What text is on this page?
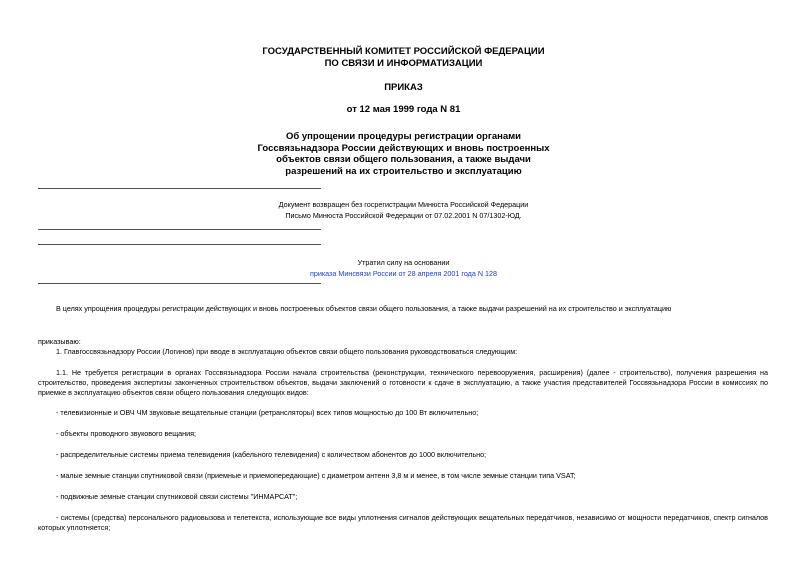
ГОСУДАРСТВЕННЫЙ КОМИТЕТ РОССИЙСКОЙ ФЕДЕРАЦИИ
ПО СВЯЗИ И ИНФОРМАТИЗАЦИИ
ПРИКАЗ
от 12 мая 1999 года N 81
Об упрощении процедуры регистрации органами
Госсвязьнадзора России действующих и вновь построенных
объектов связи общего пользования, а также выдачи
разрешений на их строительство и эксплуатацию
Документ возвращен без госрегистрации Минюста Российской Федерации
Письмо Минюста Российской Федерации от 07.02.2001 N 07/1302-ЮД.
Утратил силу на основании
приказа Минсвязи России от 28 апреля 2001 года N 128
В целях упрощения процедуры регистрации действующих и вновь построенных объектов связи общего пользования, а также выдачи разрешений на их строительство и эксплуатацию
приказываю:
1. Главгоссвязьнадзору России (Логинов) при вводе в эксплуатацию объектов связи общего пользования руководствоваться следующим:
1.1. Не требуется регистрации в органах Госсвязьнадзора России начала строительства (реконструкции, технического перевооружения, расширения) (далее - строительство), получения разрешения на строительство, проведения экспертизы законченных строительством объектов, выдачи заключений о готовности к сдаче в эксплуатацию, а также участия представителей Госсвязьнадзора России в комиссиях по приемке в эксплуатацию объектов связи общего пользования следующих видов:
- телевизионные и ОВЧ ЧМ звуковые вещательные станции (ретрансляторы) всех типов мощностью до 100 Вт включительно;
- объекты проводного звукового вещания;
- распределительные системы приема телевидения (кабельного телевидения) с количеством абонентов до 1000 включительно;
- малые земные станции спутниковой связи (приемные и приемопередающие) с диаметром антенн 3,8 м и менее, в том числе земные станции типа VSAT;
- подвижные земные станции спутниковой связи системы "ИНМАРСАТ";
- системы (средства) персонального радиовызова и телетекста, использующие все виды уплотнения сигналов действующих вещательных передатчиков, независимо от мощности передатчиков, спектр сигналов которых уплотняется;
